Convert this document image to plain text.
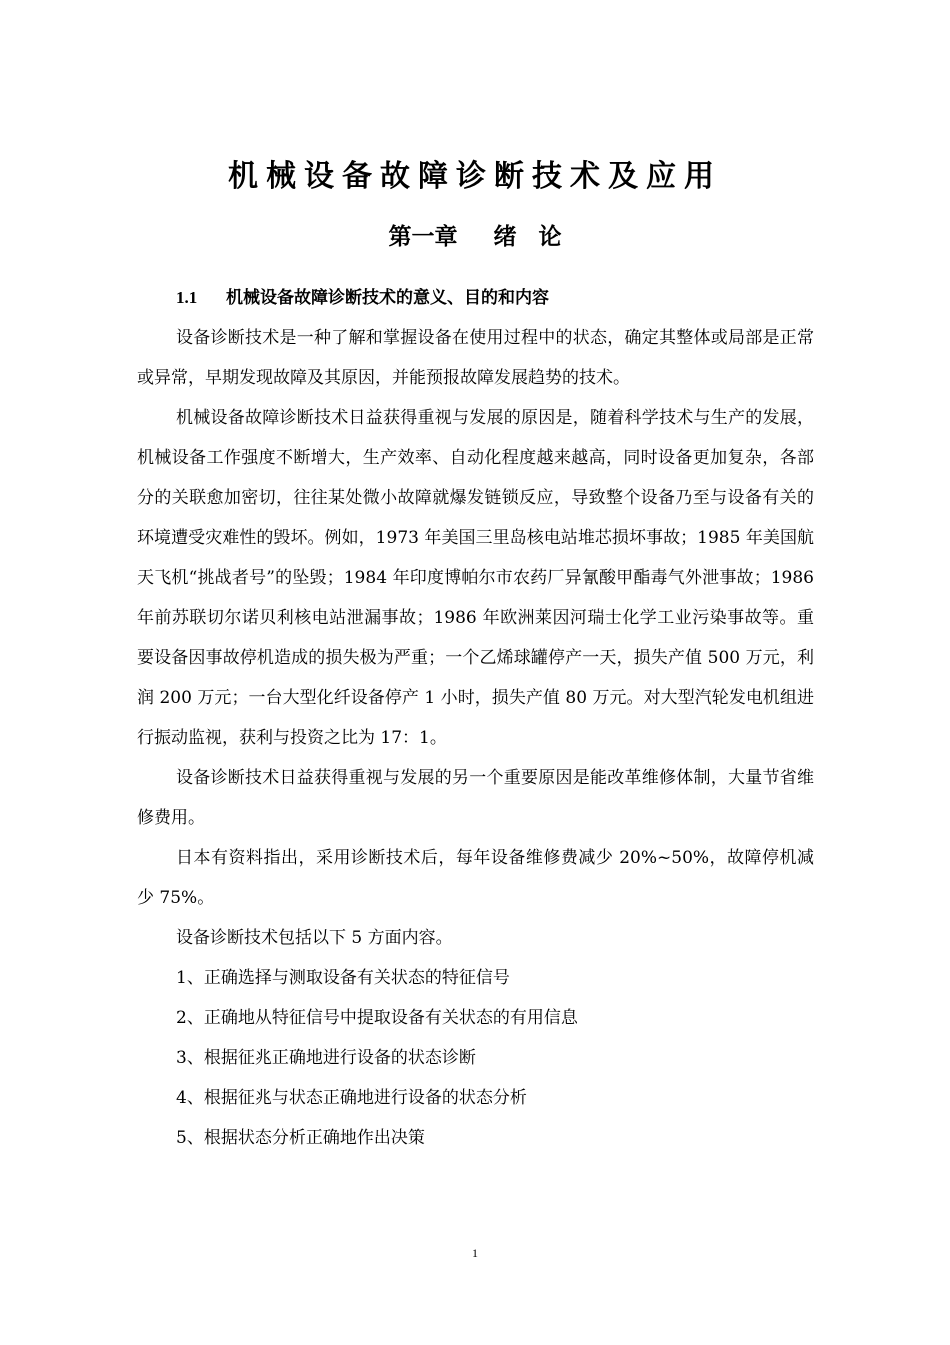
机械设备故障诊断技术及应用
第一章 绪 论
1.1 机械设备故障诊断技术的意义、目的和内容

设备诊断技术是一种了解和掌握设备在使用过程中的状态，确定其整体或局部是正常或异常，早期发现故障及其原因，并能预报故障发展趋势的技术。

机械设备故障诊断技术日益获得重视与发展的原因是，随着科学技术与生产的发展，机械设备工作强度不断增大，生产效率、自动化程度越来越高，同时设备更加复杂，各部分的关联愈加密切，往往某处微小故障就爆发链锁反应，导致整个设备乃至与设备有关的环境遭受灾难性的毁坏。例如，1973 年美国三里岛核电站堆芯损坏事故；1985 年美国航天飞机“挑战者号”的坠毁；1984 年印度博帕尔市农药厂异氰酸甲酯毒气外泄事故；1986 年前苏联切尔诺贝利核电站泄漏事故；1986 年欧洲莱因河瑞士化学工业污染事故等。重要设备因事故停机造成的损失极为严重；一个乙烯球罐停产一天，损失产值 500 万元，利润 200 万元；一台大型化纤设备停产 1 小时，损失产值 80 万元。对大型汽轮发电机组进行振动监视，获利与投资之比为 17：1。

设备诊断技术日益获得重视与发展的另一个重要原因是能改革维修体制，大量节省维修费用。

日本有资料指出，采用诊断技术后，每年设备维修费减少 20%~50%，故障停机减少 75%。

设备诊断技术包括以下 5 方面内容。

1、正确选择与测取设备有关状态的特征信号

2、正确地从特征信号中提取设备有关状态的有用信息

3、根据征兆正确地进行设备的状态诊断

4、根据征兆与状态正确地进行设备的状态分析

5、根据状态分析正确地作出决策

1
